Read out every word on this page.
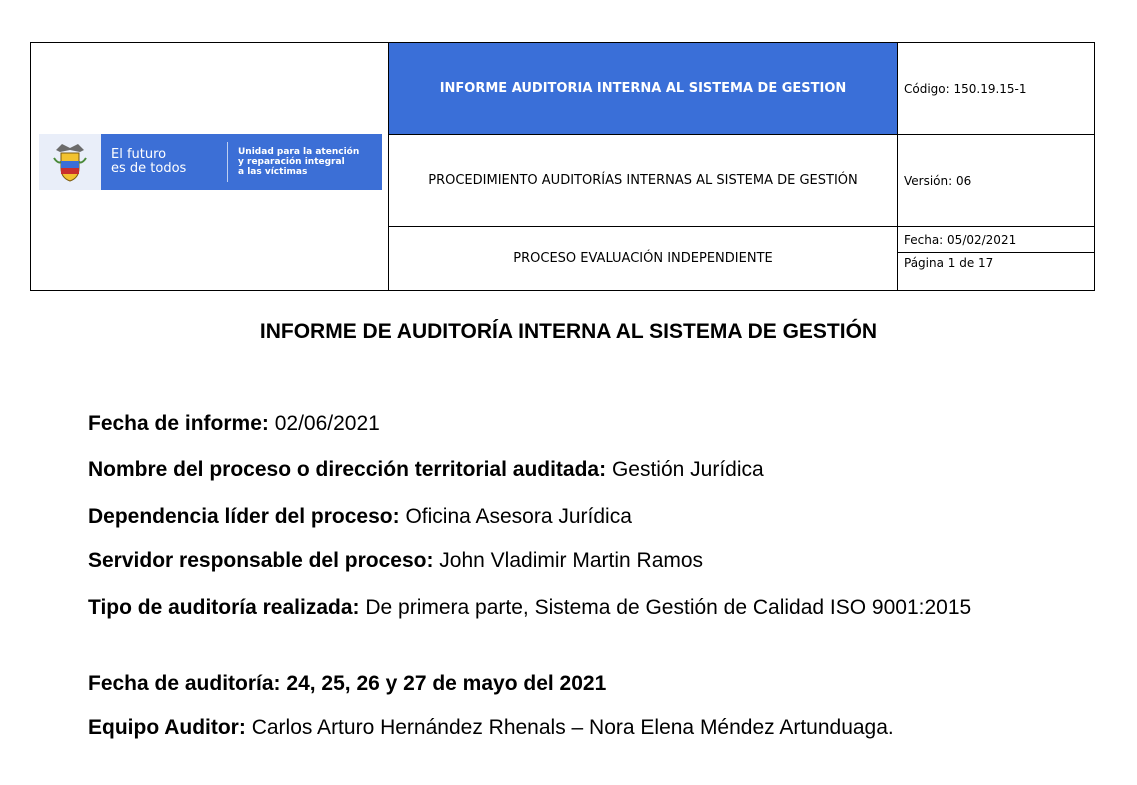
El futuro
es de todos
Unidad para la atención
y reparación integral
a las víctimas
INFORME AUDITORIA INTERNA AL SISTEMA DE GESTION	Código: 150.19.15-1
PROCEDIMIENTO AUDITORÍAS INTERNAS AL SISTEMA DE GESTIÓN	Versión: 06
PROCESO EVALUACIÓN INDEPENDIENTE
Fecha: 05/02/2021
Página 1 de 17
INFORME DE AUDITORÍA INTERNA AL SISTEMA DE GESTIÓN
Fecha de informe: 02/06/2021
Nombre del proceso o dirección territorial auditada: Gestión Jurídica
Dependencia líder del proceso: Oficina Asesora Jurídica
Servidor responsable del proceso: John Vladimir Martin Ramos
Tipo de auditoría realizada: De primera parte, Sistema de Gestión de Calidad ISO 9001:2015
Fecha de auditoría: 24, 25, 26 y 27 de mayo del 2021
Equipo Auditor: Carlos Arturo Hernández Rhenals – Nora Elena Méndez Artunduaga.
